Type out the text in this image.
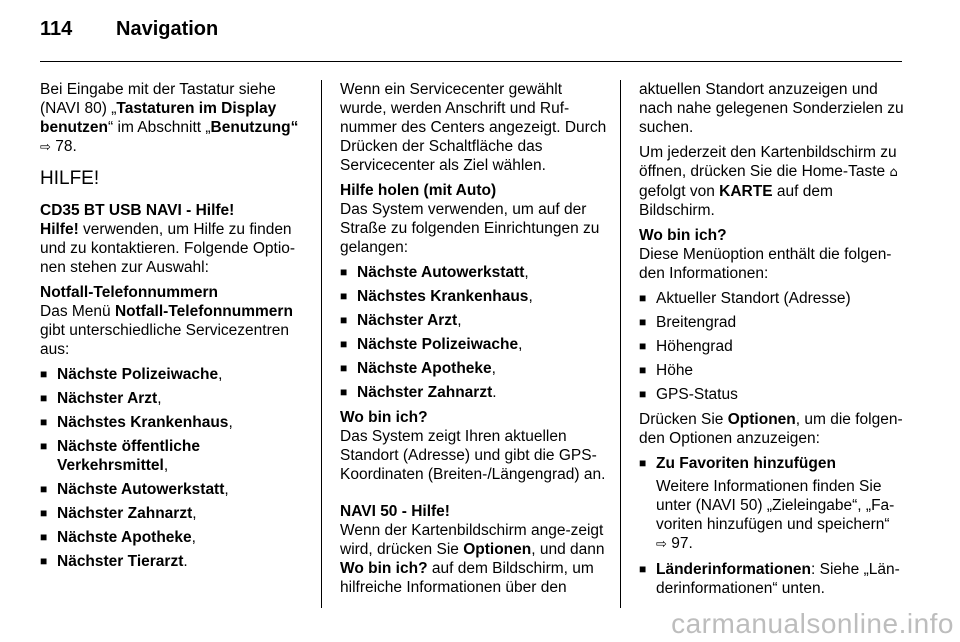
114 Navigation

Bei Eingabe mit der Tastatur siehe (NAVI 80) „Tastaturen im Display benutzen“ im Abschnitt „Benutzung“
⇨ 78.

HILFE!
CD35 BT USB NAVI - Hilfe!

Hilfe! verwenden, um Hilfe zu finden und zu kontaktieren. Folgende Optio-nen stehen zur Auswahl:

Notfall-Telefonnummern

Das Menü Notfall-Telefonnummern gibt unterschiedliche Servicezentren aus:

■ Nächste Polizeiwache,
■ Nächster Arzt,
■ Nächstes Krankenhaus,
■ Nächste öffentliche Verkehrsmittel,
■ Nächste Autowerkstatt,
■ Nächster Zahnarzt,
■ Nächste Apotheke,
■ Nächster Tierarzt.

Wenn ein Servicecenter gewählt wurde, werden Anschrift und Ruf-nummer des Centers angezeigt. Durch Drücken der Schaltfläche das Servicecenter als Ziel wählen.

Hilfe holen (mit Auto)

Das System verwenden, um auf der Straße zu folgenden Einrichtungen zu gelangen:

■ Nächste Autowerkstatt,
■ Nächstes Krankenhaus,
■ Nächster Arzt,
■ Nächste Polizeiwache,
■ Nächste Apotheke,
■ Nächster Zahnarzt.
Wo bin ich?

Das System zeigt Ihren aktuellen Standort (Adresse) und gibt die GPS-Koordinaten (Breiten-/Längengrad) an.

NAVI 50 - Hilfe!

Wenn der Kartenbildschirm ange-zeigt wird, drücken Sie Optionen, und dann Wo bin ich? auf dem Bildschirm, um hilfreiche Informationen über den

aktuellen Standort anzuzeigen und nach nahe gelegenen Sonderzielen zu suchen.

Um jederzeit den Kartenbildschirm zu öffnen, drücken Sie die Home-Taste ⌂ gefolgt von KARTE auf dem Bildschirm.

Wo bin ich?

Diese Menüoption enthält die folgen-den Informationen:

■ Aktueller Standort (Adresse)
■ Breitengrad
■ Höhengrad
■ Höhe
■ GPS-Status

Drücken Sie Optionen, um die folgen-den Optionen anzuzeigen:

■ Zu Favoriten hinzufügen
Weitere Informationen finden Sie unter (NAVI 50) „Zieleingabe“, „Fa-voriten hinzufügen und speichern“
⇨ 97.
■ Länderinformationen: Siehe „Län-derinformationen“ unten.
carmanualsonline.info
